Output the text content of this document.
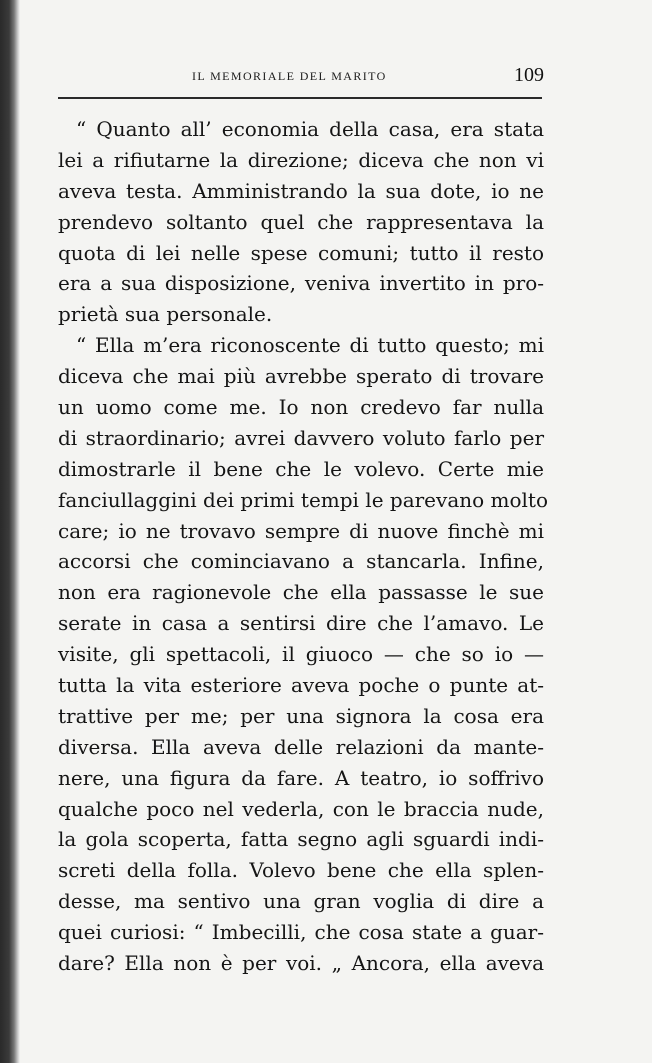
IL MEMORIALE DEL MARITO	109
“ Quanto all’ economia della casa, era stata
lei a rifiutarne la direzione; diceva che non vi
aveva testa. Amministrando la sua dote, io ne
prendevo soltanto quel che rappresentava la
quota di lei nelle spese comuni; tutto il resto
era a sua disposizione, veniva invertito in pro-
prietà sua personale.
“ Ella m’era riconoscente di tutto questo; mi
diceva che mai più avrebbe sperato di trovare
un uomo come me. Io non credevo far nulla
di straordinario; avrei davvero voluto farlo per
dimostrarle il bene che le volevo. Certe mie
fanciullaggini dei primi tempi le parevano molto
care; io ne trovavo sempre di nuove finchè mi
accorsi che cominciavano a stancarla. Infine,
non era ragionevole che ella passasse le sue
serate in casa a sentirsi dire che l’amavo. Le
visite, gli spettacoli, il giuoco — che so io —
tutta la vita esteriore aveva poche o punte at-
trattive per me; per una signora la cosa era
diversa. Ella aveva delle relazioni da mante-
nere, una figura da fare. A teatro, io soffrivo
qualche poco nel vederla, con le braccia nude,
la gola scoperta, fatta segno agli sguardi indi-
screti della folla. Volevo bene che ella splen-
desse, ma sentivo una gran voglia di dire a
quei curiosi: “ Imbecilli, che cosa state a guar-
dare? Ella non è per voi. „ Ancora, ella aveva
